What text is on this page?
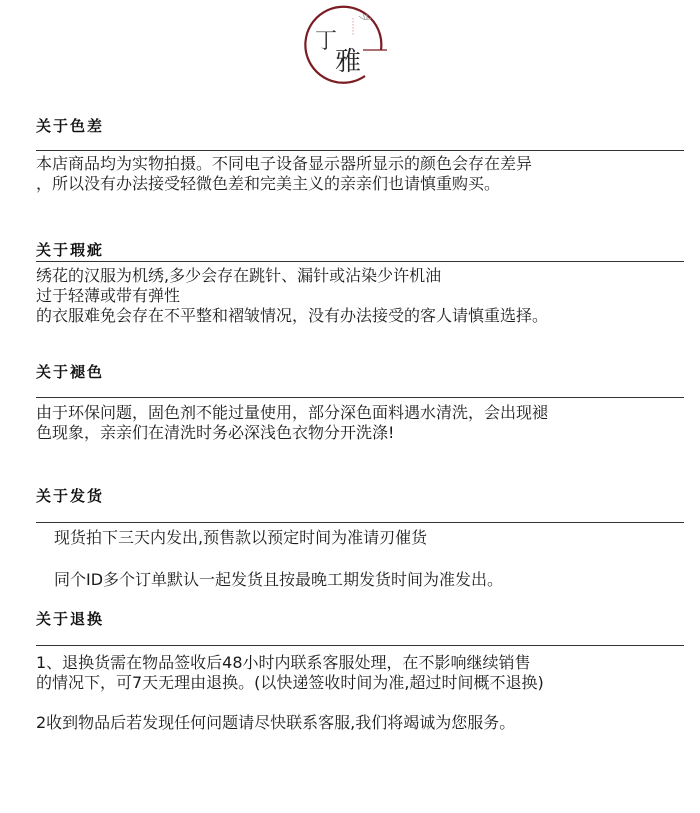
丁
雅
关于色差
本店商品均为实物拍摄。不同电子设备显示器所显示的颜色会存在差异
，所以没有办法接受轻微色差和完美主义的亲亲们也请慎重购买。
关于瑕疵
绣花的汉服为机绣,多少会存在跳针、漏针或沾染少许机油
过于轻薄或带有弹性
的衣服难免会存在不平整和褶皱情况，没有办法接受的客人请慎重选择。
关于褪色
由于环保问题，固色剂不能过量使用，部分深色面料遇水清洗，会出现褪
色现象，亲亲们在清洗时务必深浅色衣物分开洗涤!
关于发货
现货拍下三天内发出,预售款以预定时间为准请刃催货
同个ID多个订单默认一起发货且按最晚工期发货时间为准发出。
关于退换
1、退换货需在物品签收后48小时内联系客服处理，在不影响继续销售
的情况下，可7天无理由退换。(以快递签收时间为准,超过时间概不退换)
2收到物品后若发现任何问题请尽快联系客服,我们将竭诚为您服务。
